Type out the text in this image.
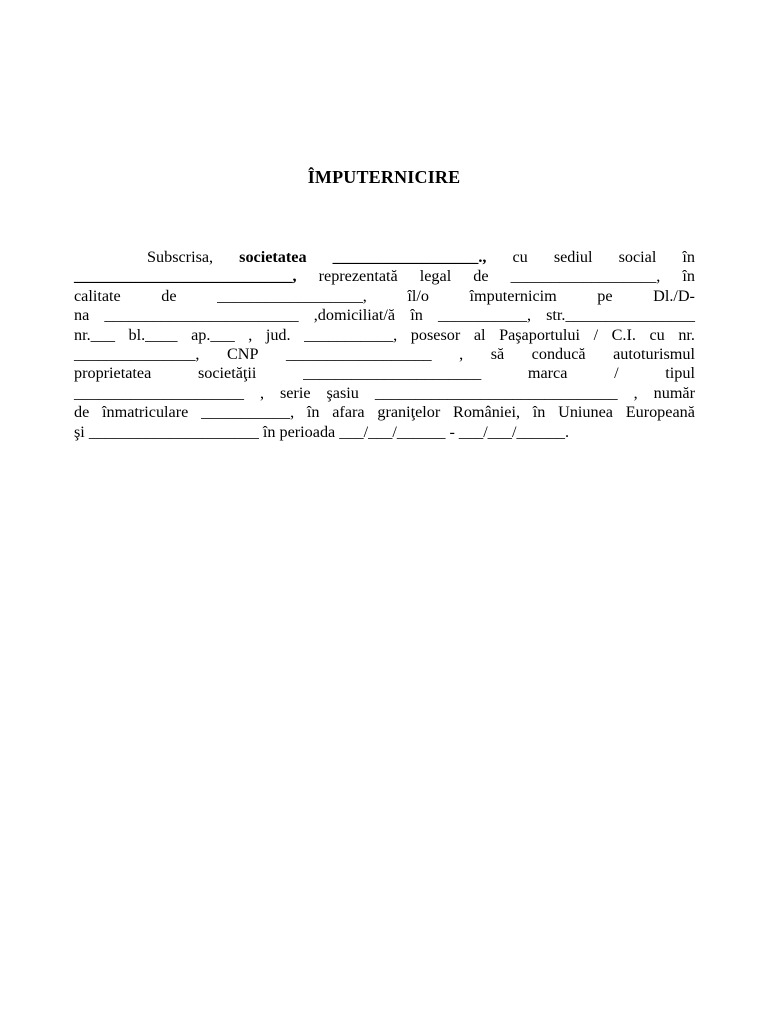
ÎMPUTERNICIRE
Subscrisa, societatea __________________., cu sediul social în
___________________________, reprezentată legal de __________________, în
calitate	de	__________________,	îl/o	împuternicim	pe	Dl./D-
na ________________________ ,domiciliat/ă în ___________, str.________________
nr.___ bl.____ ap.___ , jud. ___________, posesor al Paşaportului / C.I. cu nr.
_______________, CNP __________________ , să conducă autoturismul
proprietatea	societăţii	______________________	marca	/	tipul
_____________________ , serie şasiu ______________________________ , număr
de înmatriculare ___________, în afara graniţelor României, în Uniunea Europeană
şi
_____________________
în
perioada
___/___/______
-
___/___/______.
